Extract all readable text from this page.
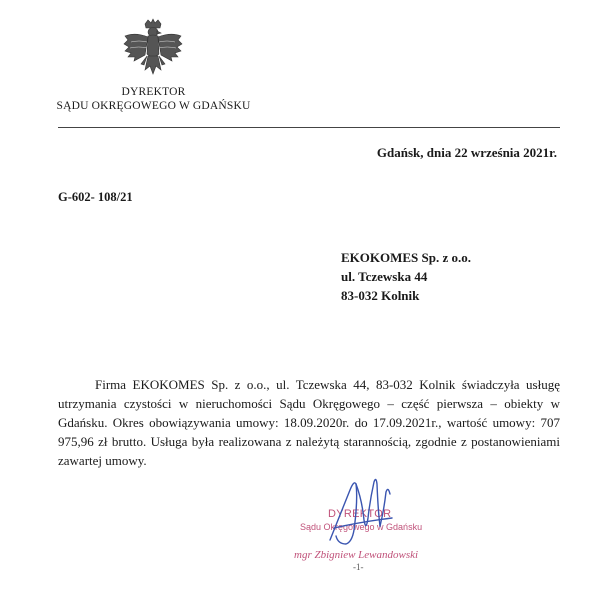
DYREKTOR
SĄDU OKRĘGOWEGO W GDAŃSKU
Gdańsk, dnia 22 września 2021r.
G-602- 108/21
EKOKOMES Sp. z o.o.
ul. Tczewska 44
83-032 Kolnik

Firma EKOKOMES Sp. z o.o., ul. Tczewska 44, 83-032 Kolnik świadczyła usługę utrzymania czystości w nieruchomości Sądu Okręgowego – część pierwsza – obiekty w Gdańsku. Okres obowiązywania umowy: 18.09.2020r. do 17.09.2021r., wartość umowy: 707 975,96 zł brutto. Usługa była realizowana z należytą starannością, zgodnie z postanowieniami zawartej umowy.

DYREKTOR
Sądu Okręgowego w Gdańsku
mgr Zbigniew Lewandowski
-1-
